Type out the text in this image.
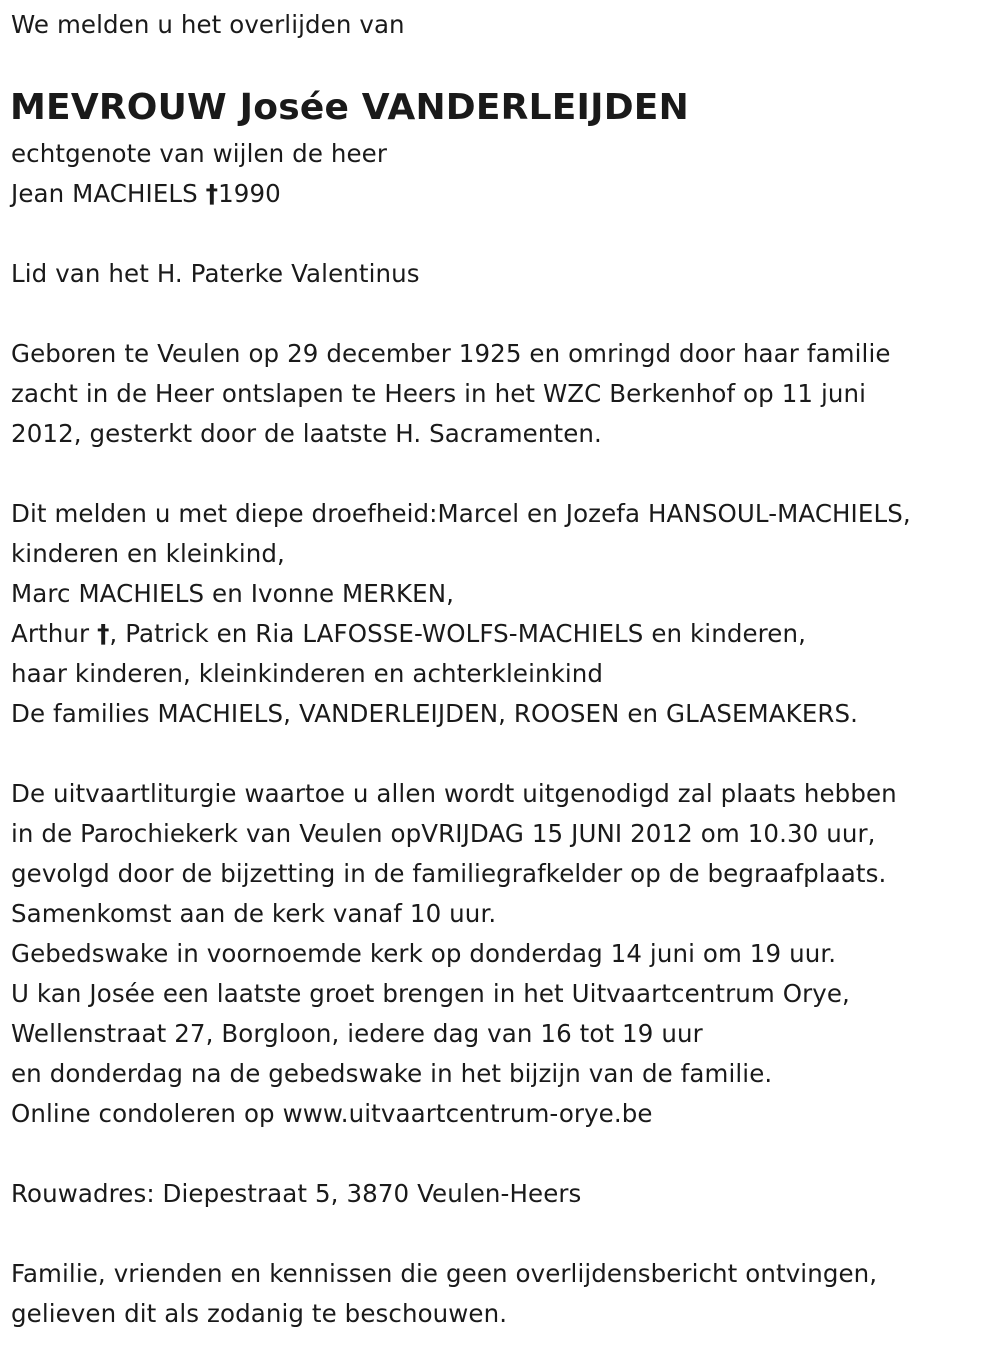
We melden u het overlijden van
MEVROUW Josée VANDERLEIJDEN
echtgenote van wijlen de heer
Jean MACHIELS †1990
Lid van het H. Paterke Valentinus
Geboren te Veulen op 29 december 1925 en omringd door haar familie
zacht in de Heer ontslapen te Heers in het WZC Berkenhof op 11 juni
2012, gesterkt door de laatste H. Sacramenten.
Dit melden u met diepe droefheid:Marcel en Jozefa HANSOUL-MACHIELS,
kinderen en kleinkind,
Marc MACHIELS en Ivonne MERKEN,
Arthur †, Patrick en Ria LAFOSSE-WOLFS-MACHIELS en kinderen,
haar kinderen, kleinkinderen en achterkleinkind
De families MACHIELS, VANDERLEIJDEN, ROOSEN en GLASEMAKERS.
De uitvaartliturgie waartoe u allen wordt uitgenodigd zal plaats hebben
in de Parochiekerk van Veulen opVRIJDAG 15 JUNI 2012 om 10.30 uur,
gevolgd door de bijzetting in de familiegrafkelder op de begraafplaats.
Samenkomst aan de kerk vanaf 10 uur.
Gebedswake in voornoemde kerk op donderdag 14 juni om 19 uur.
U kan Josée een laatste groet brengen in het Uitvaartcentrum Orye,
Wellenstraat 27, Borgloon, iedere dag van 16 tot 19 uur
en donderdag na de gebedswake in het bijzijn van de familie.
Online condoleren op www.uitvaartcentrum-orye.be
Rouwadres: Diepestraat 5, 3870 Veulen-Heers
Familie, vrienden en kennissen die geen overlijdensbericht ontvingen,
gelieven dit als zodanig te beschouwen.
